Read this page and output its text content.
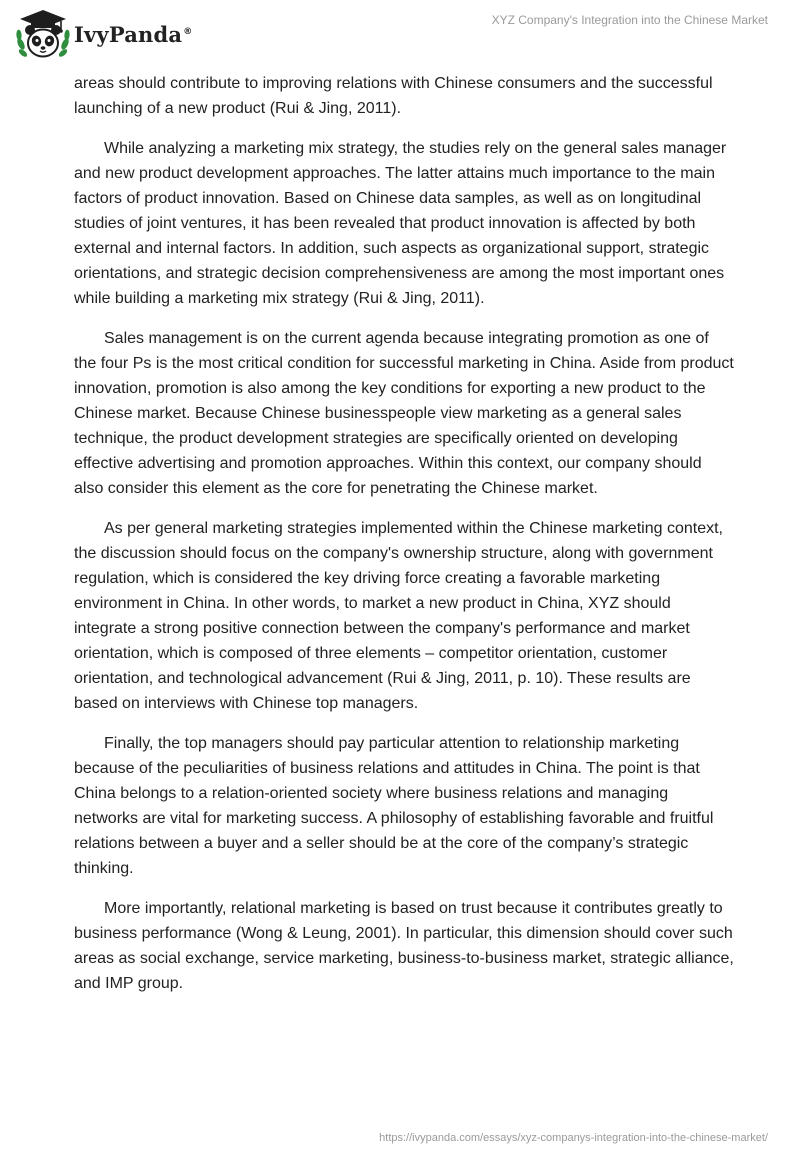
IvyPanda®
XYZ Company's Integration into the Chinese Market

areas should contribute to improving relations with Chinese consumers and the successful launching of a new product (Rui & Jing, 2011).

While analyzing a marketing mix strategy, the studies rely on the general sales manager and new product development approaches. The latter attains much importance to the main factors of product innovation. Based on Chinese data samples, as well as on longitudinal studies of joint ventures, it has been revealed that product innovation is affected by both external and internal factors. In addition, such aspects as organizational support, strategic orientations, and strategic decision comprehensiveness are among the most important ones while building a marketing mix strategy (Rui & Jing, 2011).

Sales management is on the current agenda because integrating promotion as one of the four Ps is the most critical condition for successful marketing in China. Aside from product innovation, promotion is also among the key conditions for exporting a new product to the Chinese market. Because Chinese businesspeople view marketing as a general sales technique, the product development strategies are specifically oriented on developing effective advertising and promotion approaches. Within this context, our company should also consider this element as the core for penetrating the Chinese market.

As per general marketing strategies implemented within the Chinese marketing context, the discussion should focus on the company's ownership structure, along with government regulation, which is considered the key driving force creating a favorable marketing environment in China. In other words, to market a new product in China, XYZ should integrate a strong positive connection between the company's performance and market orientation, which is composed of three elements – competitor orientation, customer orientation, and technological advancement (Rui & Jing, 2011, p. 10). These results are based on interviews with Chinese top managers.

Finally, the top managers should pay particular attention to relationship marketing because of the peculiarities of business relations and attitudes in China. The point is that China belongs to a relation-oriented society where business relations and managing networks are vital for marketing success. A philosophy of establishing favorable and fruitful relations between a buyer and a seller should be at the core of the company’s strategic thinking.

More importantly, relational marketing is based on trust because it contributes greatly to business performance (Wong & Leung, 2001). In particular, this dimension should cover such areas as social exchange, service marketing, business-to-business market, strategic alliance, and IMP group.

https://ivypanda.com/essays/xyz-companys-integration-into-the-chinese-market/
